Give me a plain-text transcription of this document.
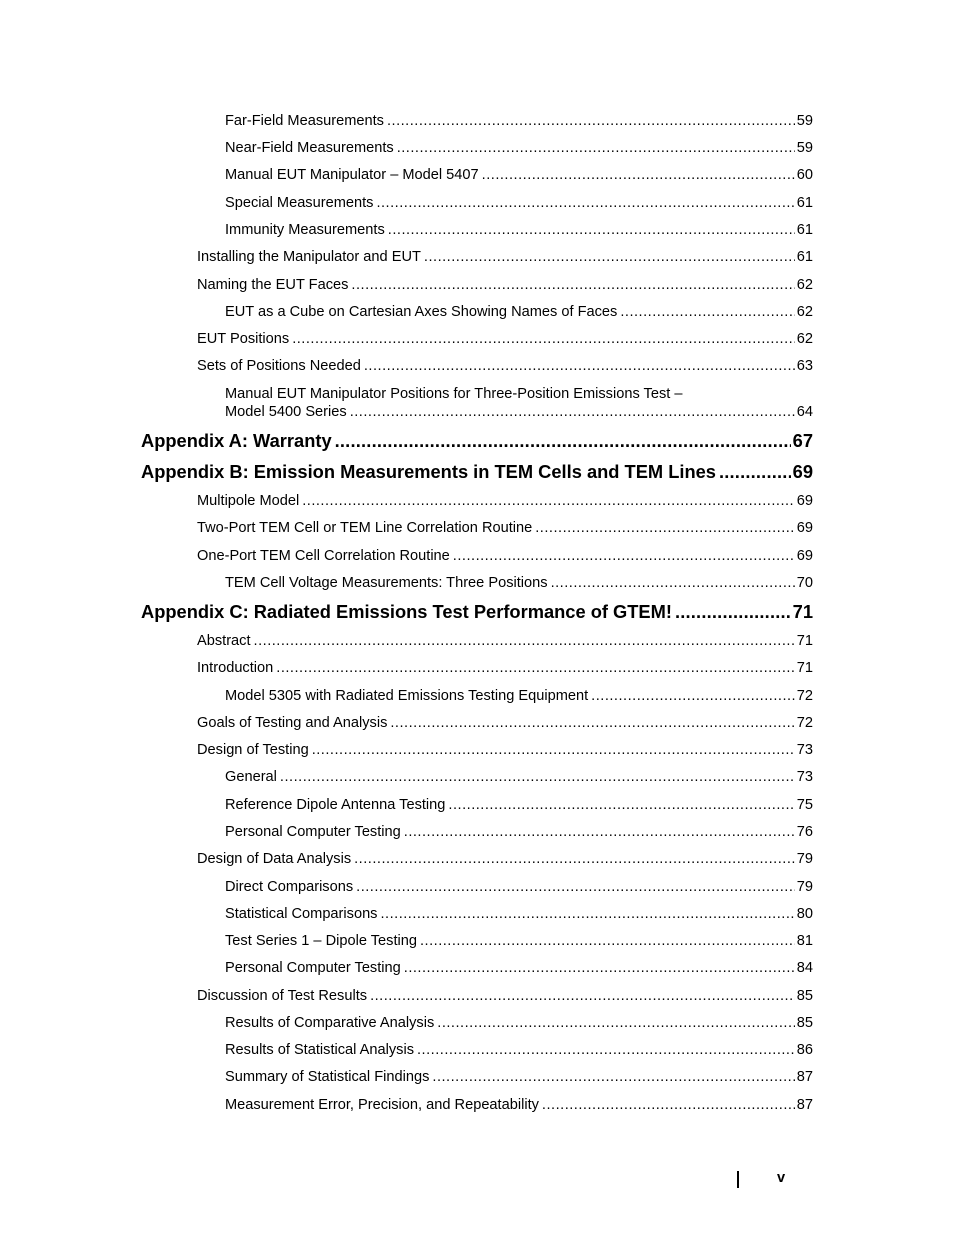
Far-Field Measurements .....	59
Near-Field Measurements .....	59
Manual EUT Manipulator – Model 5407 .....	60
Special Measurements .....	61
Immunity Measurements .....	61
Installing the Manipulator and EUT .....	61
Naming the EUT Faces .....	62
EUT as a Cube on Cartesian Axes Showing Names of Faces .....	62
EUT Positions .....	62
Sets of Positions Needed .....	63
Manual EUT Manipulator Positions for Three-Position Emissions Test –
Model 5400 Series .....	64
Appendix A: Warranty .....	67
Appendix B: Emission Measurements in TEM Cells and TEM Lines .....	69
Multipole Model .....	69
Two-Port TEM Cell or TEM Line Correlation Routine .....	69
One-Port TEM Cell Correlation Routine .....	69
TEM Cell Voltage Measurements: Three Positions .....	70
Appendix C: Radiated Emissions Test Performance of GTEM! .....	71
Abstract .....	71
Introduction .....	71
Model 5305 with Radiated Emissions Testing Equipment .....	72
Goals of Testing and Analysis .....	72
Design of Testing .....	73
General .....	73
Reference Dipole Antenna Testing .....	75
Personal Computer Testing .....	76
Design of Data Analysis .....	79
Direct Comparisons .....	79
Statistical Comparisons .....	80
Test Series 1 – Dipole Testing .....	81
Personal Computer Testing .....	84
Discussion of Test Results .....	85
Results of Comparative Analysis .....	85
Results of Statistical Analysis .....	86
Summary of Statistical Findings .....	87
Measurement Error, Precision, and Repeatability .....	87
v
